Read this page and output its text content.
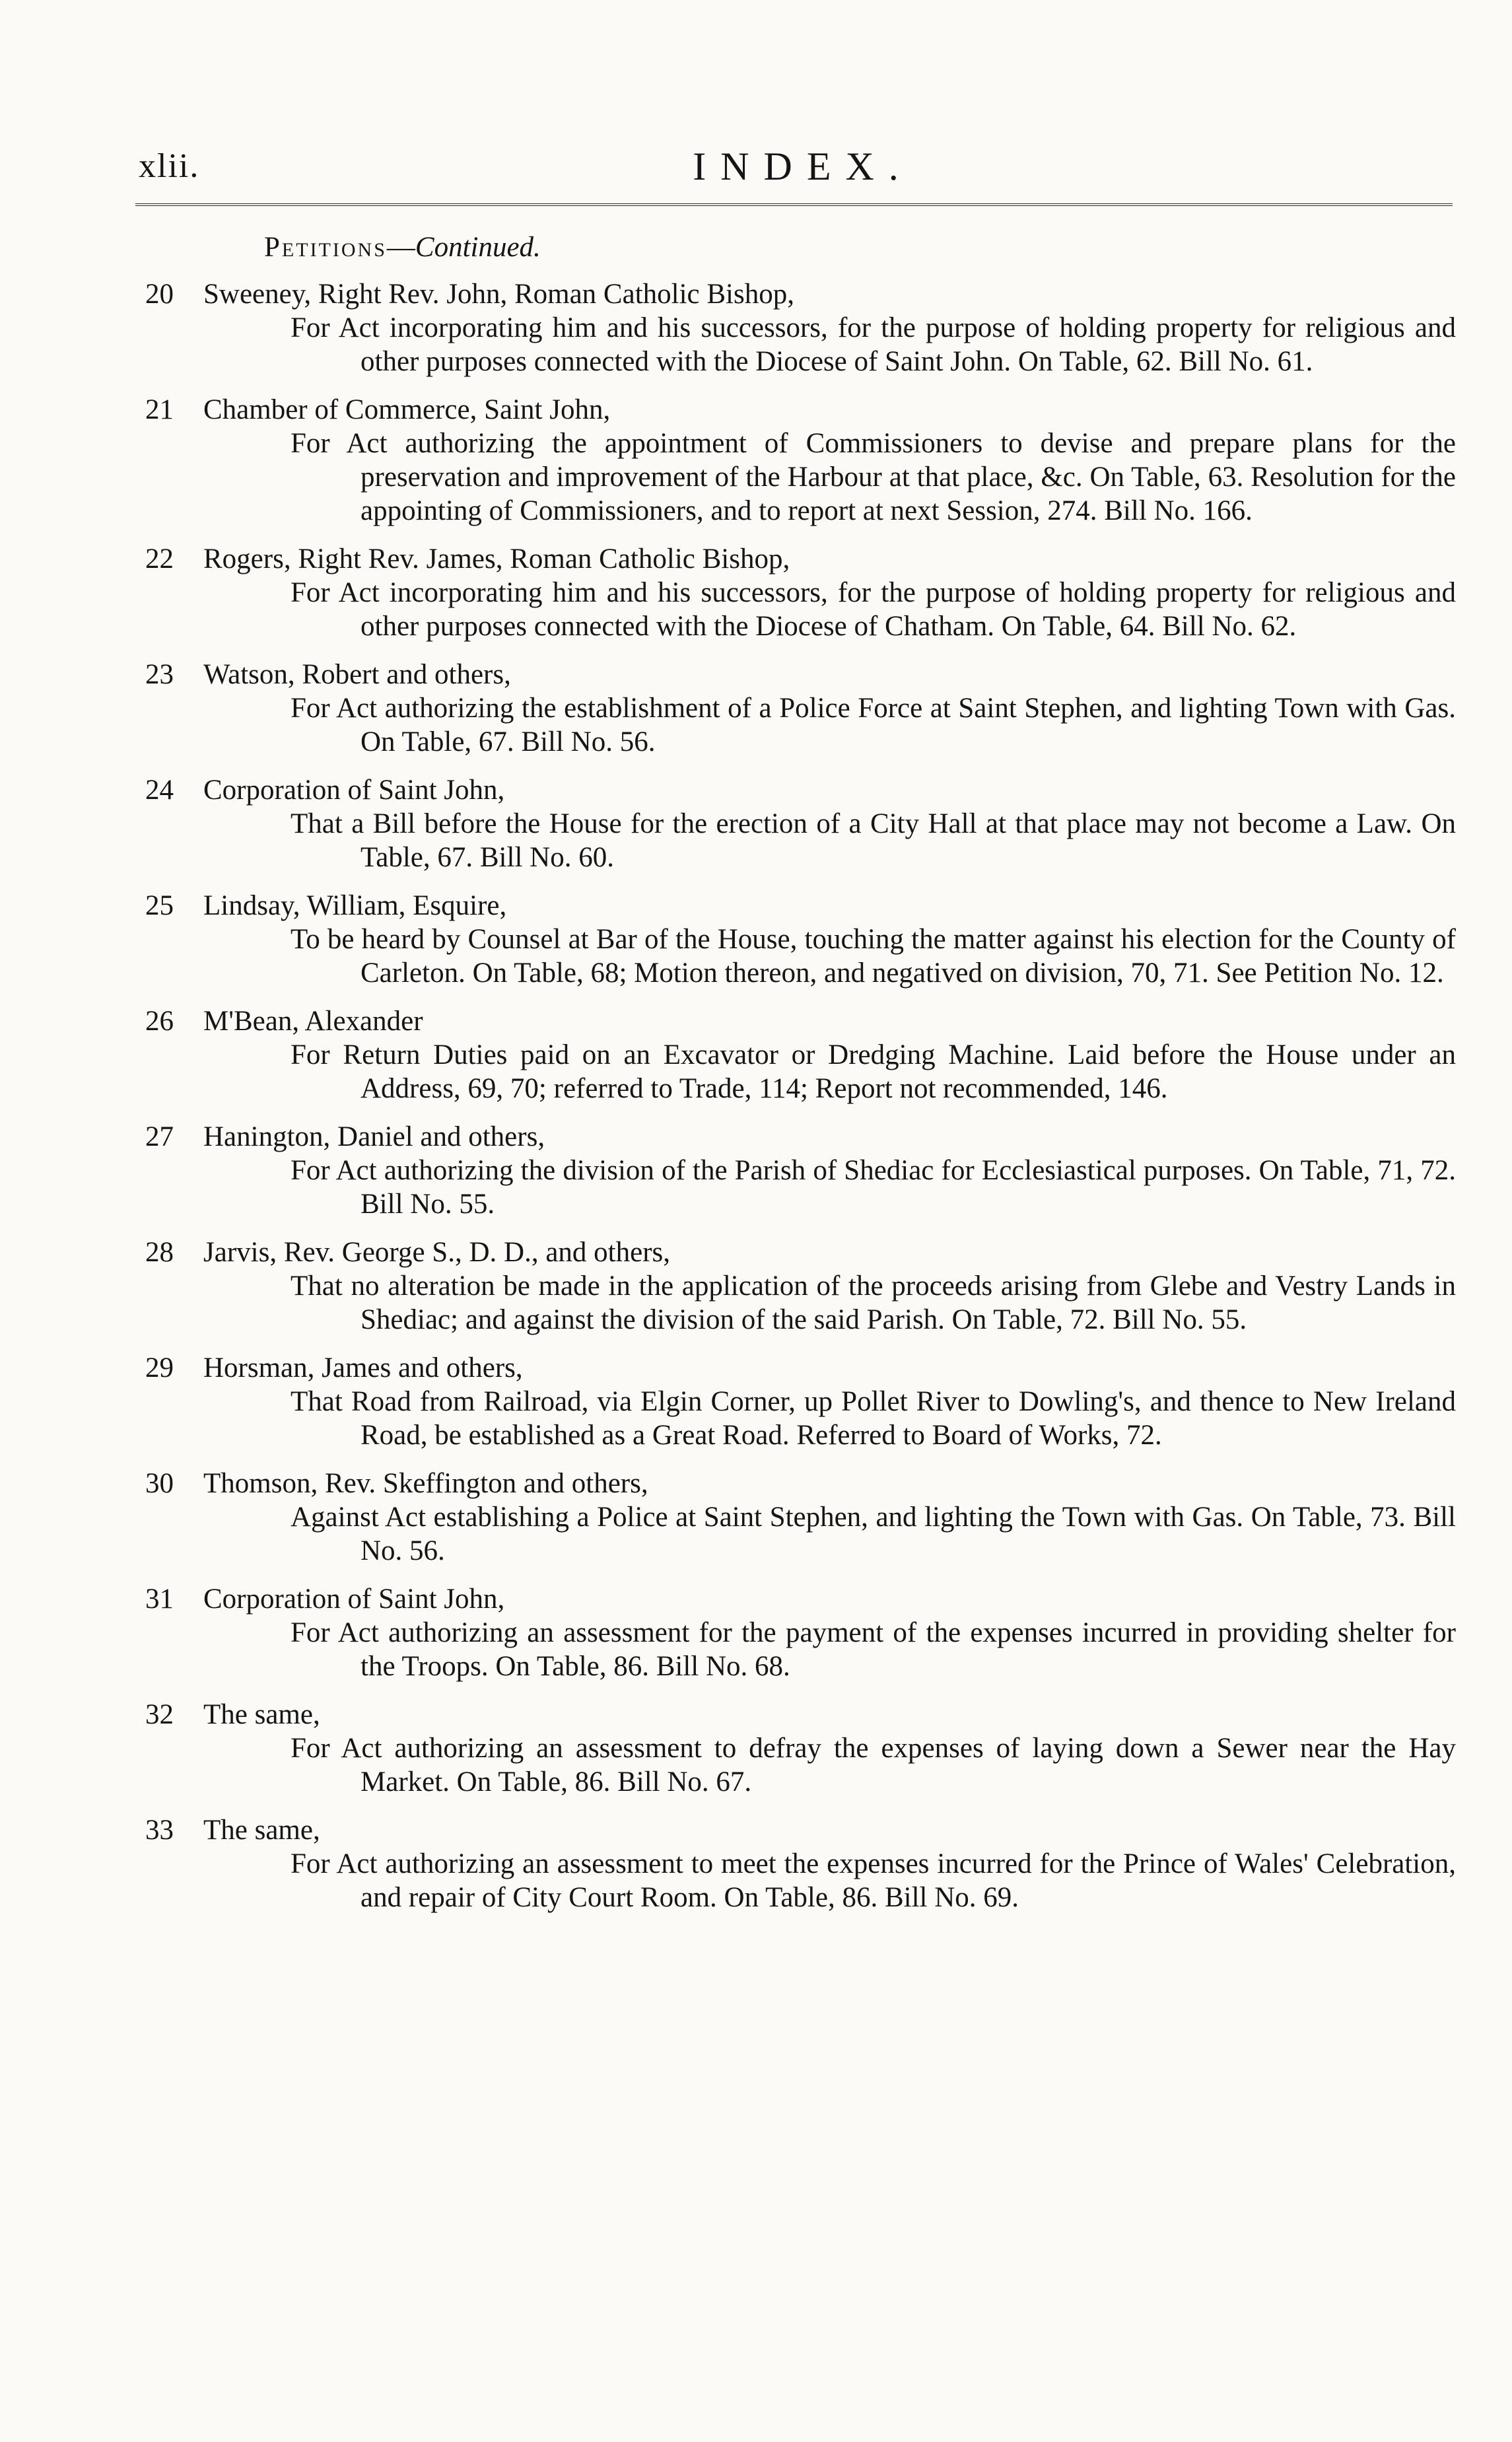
xlii.	INDEX.
Petitions—Continued.
20	Sweeney, Right Rev. John, Roman Catholic Bishop,
For Act incorporating him and his successors, for the purpose of holding property for religious and other purposes connected with the Diocese of Saint John. On Table, 62. Bill No. 61.
21	Chamber of Commerce, Saint John,
For Act authorizing the appointment of Commissioners to devise and prepare plans for the preservation and improvement of the Harbour at that place, &c. On Table, 63. Resolution for the appointing of Commissioners, and to report at next Session, 274. Bill No. 166.
22	Rogers, Right Rev. James, Roman Catholic Bishop,
For Act incorporating him and his successors, for the purpose of holding property for religious and other purposes connected with the Diocese of Chatham. On Table, 64. Bill No. 62.
23	Watson, Robert and others,
For Act authorizing the establishment of a Police Force at Saint Stephen, and lighting Town with Gas. On Table, 67. Bill No. 56.
24	Corporation of Saint John,
That a Bill before the House for the erection of a City Hall at that place may not become a Law. On Table, 67. Bill No. 60.
25	Lindsay, William, Esquire,
To be heard by Counsel at Bar of the House, touching the matter against his election for the County of Carleton. On Table, 68; Motion thereon, and negatived on division, 70, 71. See Petition No. 12.
26	M'Bean, Alexander
For Return Duties paid on an Excavator or Dredging Machine. Laid before the House under an Address, 69, 70; referred to Trade, 114; Report not recommended, 146.
27	Hanington, Daniel and others,
For Act authorizing the division of the Parish of Shediac for Ecclesiastical purposes. On Table, 71, 72. Bill No. 55.
28	Jarvis, Rev. George S., D. D., and others,
That no alteration be made in the application of the proceeds arising from Glebe and Vestry Lands in Shediac; and against the division of the said Parish. On Table, 72. Bill No. 55.
29	Horsman, James and others,
That Road from Railroad, via Elgin Corner, up Pollet River to Dowling's, and thence to New Ireland Road, be established as a Great Road. Referred to Board of Works, 72.
30	Thomson, Rev. Skeffington and others,
Against Act establishing a Police at Saint Stephen, and lighting the Town with Gas. On Table, 73. Bill No. 56.
31	Corporation of Saint John,
For Act authorizing an assessment for the payment of the expenses incurred in providing shelter for the Troops. On Table, 86. Bill No. 68.
32	The same,
For Act authorizing an assessment to defray the expenses of laying down a Sewer near the Hay Market. On Table, 86. Bill No. 67.
33	The same,
For Act authorizing an assessment to meet the expenses incurred for the Prince of Wales' Celebration, and repair of City Court Room. On Table, 86. Bill No. 69.
